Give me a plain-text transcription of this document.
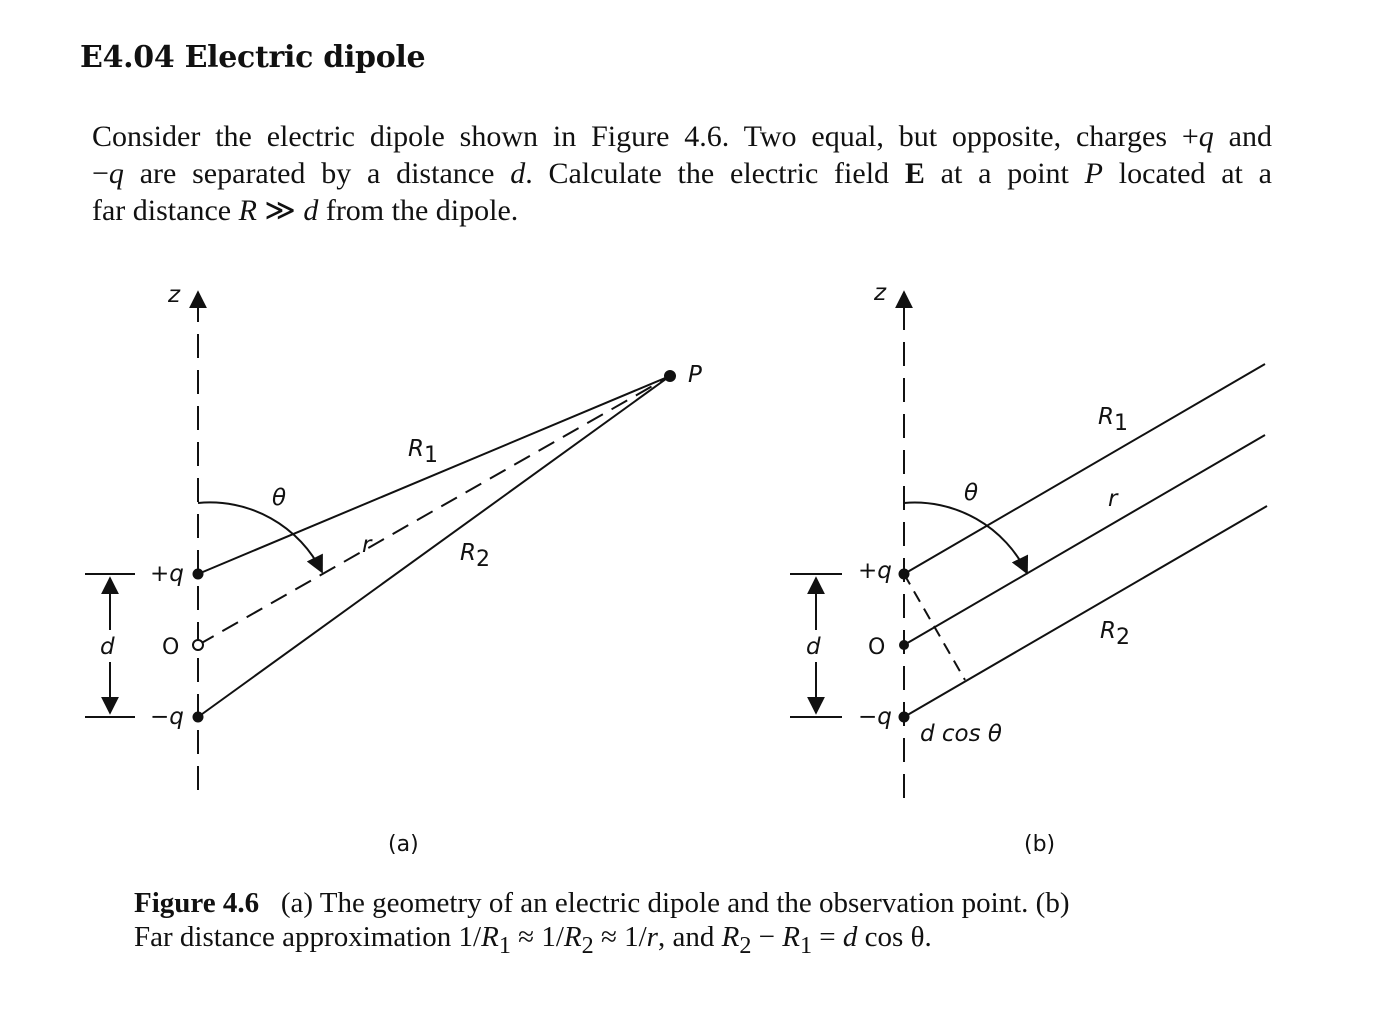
E4.04 Electric dipole

Consider the electric dipole shown in Figure 4.6. Two equal, but opposite, charges +q and

−q are separated by a distance d. Calculate the electric field E at a point P located at a

far distance R ≫ d from the dipole.

z
+q
−q
O
d
θ
P
R1
R2
r
(a)
z
+q
−q
O
d
θ
R1
r
R2
d cos θ
(b)

Figure 4.6 (a) The geometry of an electric dipole and the observation point. (b)

Far distance approximation $1/R_1 \approx 1/R_2 \approx 1/r$, and $R_2 - R_1 = d$ cos θ.
